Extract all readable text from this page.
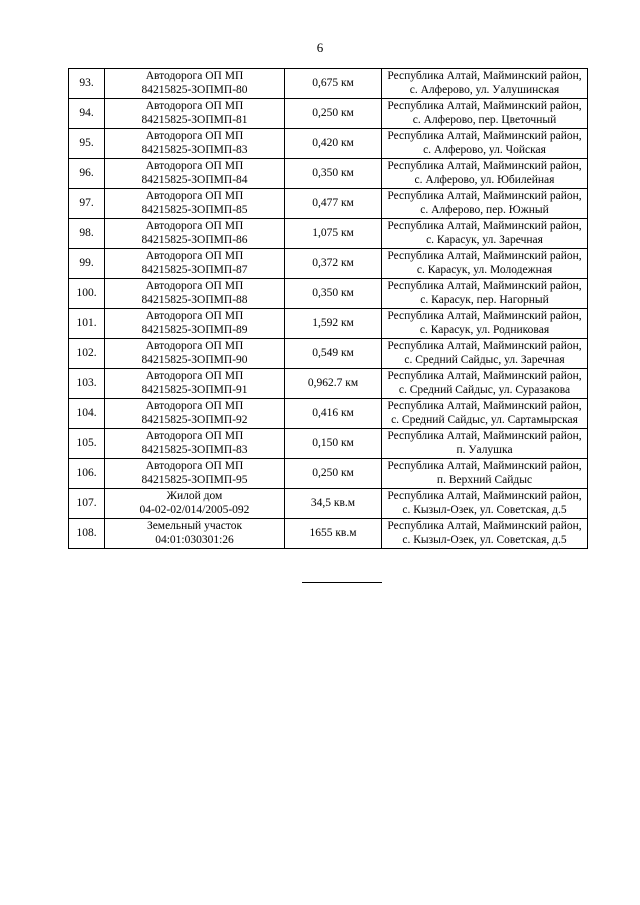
6
93.	Автодорога ОП МП
84215825-ЗОПМП-80	0,675 км	Республика Алтай, Майминский район,
с. Алферово, ул. Уалушинская

94.	Автодорога ОП МП
84215825-ЗОПМП-81	0,250 км	Республика Алтай, Майминский район,
с. Алферово, пер. Цветочный

95.	Автодорога ОП МП
84215825-ЗОПМП-83	0,420 км	Республика Алтай, Майминский район,
с. Алферово, ул. Чойская

96.	Автодорога ОП МП
84215825-ЗОПМП-84	0,350 км	Республика Алтай, Майминский район,
с. Алферово, ул. Юбилейная

97.	Автодорога ОП МП
84215825-ЗОПМП-85	0,477 км	Республика Алтай, Майминский район,
с. Алферово, пер. Южный

98.	Автодорога ОП МП
84215825-ЗОПМП-86	1,075 км	Республика Алтай, Майминский район,
с. Карасук, ул. Заречная

99.	Автодорога ОП МП
84215825-ЗОПМП-87	0,372 км	Республика Алтай, Майминский район,
с. Карасук, ул. Молодежная

100.	Автодорога ОП МП
84215825-ЗОПМП-88	0,350 км	Республика Алтай, Майминский район,
с. Карасук, пер. Нагорный

101.	Автодорога ОП МП
84215825-ЗОПМП-89	1,592 км	Республика Алтай, Майминский район,
с. Карасук, ул. Родниковая

102.	Автодорога ОП МП
84215825-ЗОПМП-90	0,549 км	Республика Алтай, Майминский район,
с. Средний Сайдыс, ул. Заречная

103.	Автодорога ОП МП
84215825-ЗОПМП-91	0,962.7 км	Республика Алтай, Майминский район,
с. Средний Сайдыс, ул. Суразакова

104.	Автодорога ОП МП
84215825-ЗОПМП-92	0,416 км	Республика Алтай, Майминский район,
с. Средний Сайдыс, ул. Сартамырская

105.	Автодорога ОП МП
84215825-ЗОПМП-83	0,150 км	Республика Алтай, Майминский район,
п. Уалушка

106.	Автодорога ОП МП
84215825-ЗОПМП-95	0,250 км	Республика Алтай, Майминский район,
п. Верхний Сайдыс

107.	Жилой дом
04-02-02/014/2005-092	34,5 кв.м	Республика Алтай, Майминский район,
с. Кызыл-Озек, ул. Советская, д.5

108.	Земельный участок
04:01:030301:26	1655 кв.м	Республика Алтай, Майминский район,
с. Кызыл-Озек, ул. Советская, д.5
